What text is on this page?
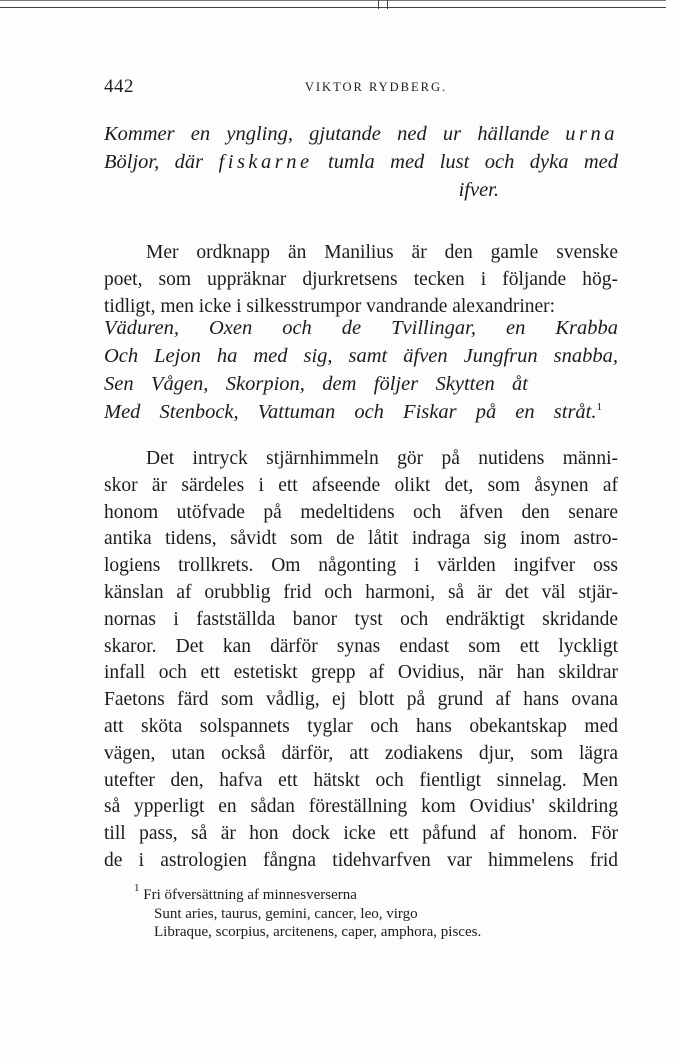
442	VIKTOR RYDBERG.
Kommer en yngling, gjutande ned ur hällande urna
Böljor, där fiskarne tumla med lust och dyka med
ifver.
Mer ordknapp än Manilius är den gamle svenske
poet, som uppräknar djurkretsens tecken i följande hög-
tidligt, men icke i silkesstrumpor vandrande alexandriner:
Väduren, Oxen och de Tvillingar, en Krabba
Och Lejon ha med sig, samt äfven Jungfrun snabba,
Sen Vågen, Skorpion, dem följer Skytten åt
Med Stenbock, Vattuman och Fiskar på en stråt.$^1$
Det intryck stjärnhimmeln gör på nutidens männi-
skor är särdeles i ett afseende olikt det, som åsynen af
honom utöfvade på medeltidens och äfven den senare
antika tidens, såvidt som de låtit indraga sig inom astro-
logiens trollkrets. Om någonting i världen ingifver oss
känslan af orubblig frid och harmoni, så är det väl stjär-
nornas i fastställda banor tyst och endräktigt skridande
skaror. Det kan därför synas endast som ett lyckligt
infall och ett estetiskt grepp af Ovidius, när han skildrar
Faetons färd som vådlig, ej blott på grund af hans ovana
att sköta solspannets tyglar och hans obekantskap med
vägen, utan också därför, att zodiakens djur, som lägra
utefter den, hafva ett hätskt och fientligt sinnelag. Men
så ypperligt en sådan föreställning kom Ovidius' skildring
till pass, så är hon dock icke ett påfund af honom. För
de i astrologien fångna tidehvarfven var himmelens frid
$^1$ Fri öfversättning af minnesverserna
Sunt aries, taurus, gemini, cancer, leo, virgo
Libraque, scorpius, arcitenens, caper, amphora, pisces.
